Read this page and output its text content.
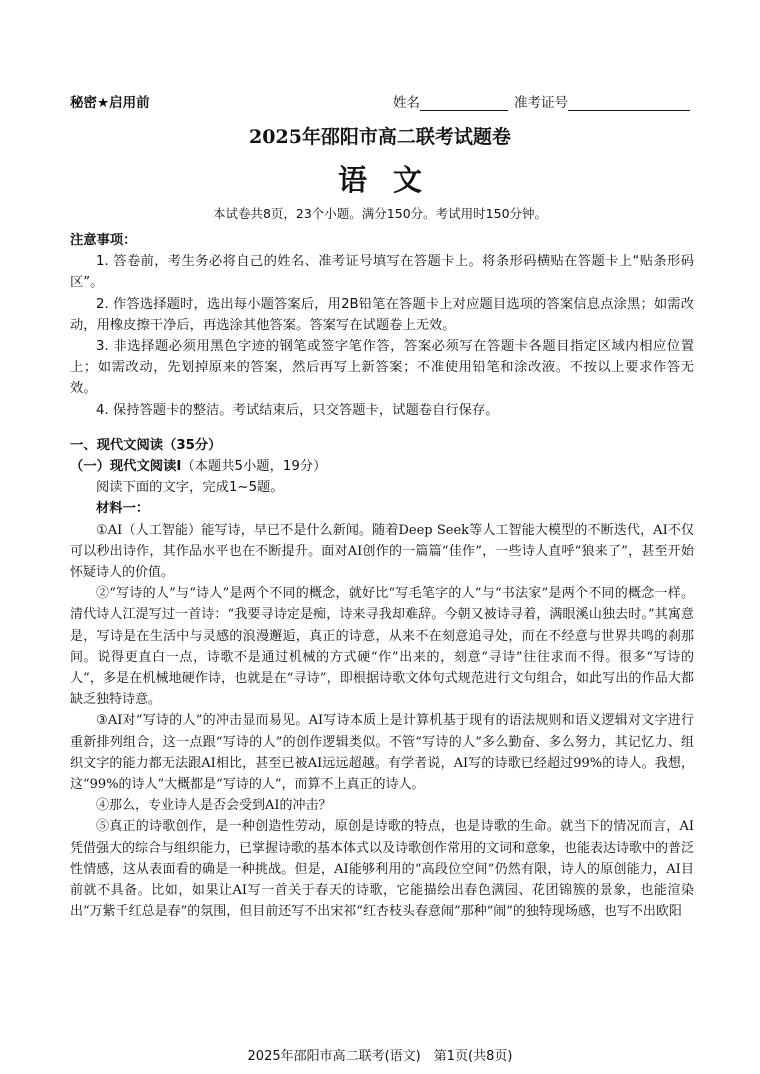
秘密★启用前	姓名	准考证号
2025年邵阳市高二联考试题卷
语文
本试卷共8页，23个小题。满分150分。考试用时150分钟。

注意事项：

1. 答卷前，考生务必将自己的姓名、准考证号填写在答题卡上。将条形码横贴在答题卡上“贴条形码区”。

2. 作答选择题时，选出每小题答案后，用2B铅笔在答题卡上对应题目选项的答案信息点涂黑；如需改动，用橡皮擦干净后，再选涂其他答案。答案写在试题卷上无效。

3. 非选择题必须用黑色字迹的钢笔或签字笔作答，答案必须写在答题卡各题目指定区域内相应位置上；如需改动，先划掉原来的答案，然后再写上新答案；不准使用铅笔和涂改液。不按以上要求作答无效。

4. 保持答题卡的整洁。考试结束后，只交答题卡，试题卷自行保存。

一、现代文阅读（35分）

（一）现代文阅读Ⅰ（本题共5小题，19分）

阅读下面的文字，完成1~5题。

材料一：

①AI（人工智能）能写诗，早已不是什么新闻。随着Deep Seek等人工智能大模型的不断迭代，AI不仅可以秒出诗作，其作品水平也在不断提升。面对AI创作的一篇篇“佳作”，一些诗人直呼“狼来了”，甚至开始怀疑诗人的价值。

②“写诗的人”与“诗人”是两个不同的概念，就好比“写毛笔字的人”与“书法家”是两个不同的概念一样。清代诗人江湜写过一首诗：“我要寻诗定是痴，诗来寻我却难辞。今朝又被诗寻着，满眼溪山独去时。”其寓意是，写诗是在生活中与灵感的浪漫邂逅，真正的诗意，从来不在刻意追寻处，而在不经意与世界共鸣的刹那间。说得更直白一点，诗歌不是通过机械的方式硬“作”出来的，刻意“寻诗”往往求而不得。很多“写诗的人”，多是在机械地硬作诗，也就是在“寻诗”，即根据诗歌文体句式规范进行文句组合，如此写出的作品大都缺乏独特诗意。

③AI对“写诗的人”的冲击显而易见。AI写诗本质上是计算机基于现有的语法规则和语义逻辑对文字进行重新排列组合，这一点跟“写诗的人”的创作逻辑类似。不管“写诗的人”多么勤奋、多么努力，其记忆力、组织文字的能力都无法跟AI相比，甚至已被AI远远超越。有学者说，AI写的诗歌已经超过99%的诗人。我想，这“99%的诗人”大概都是“写诗的人”，而算不上真正的诗人。

④那么，专业诗人是否会受到AI的冲击？

⑤真正的诗歌创作，是一种创造性劳动，原创是诗歌的特点，也是诗歌的生命。就当下的情况而言，AI凭借强大的综合与组织能力，已掌握诗歌的基本体式以及诗歌创作常用的文词和意象，也能表达诗歌中的普泛性情感，这从表面看的确是一种挑战。但是，AI能够利用的“高段位空间”仍然有限，诗人的原创能力，AI目前就不具备。比如，如果让AI写一首关于春天的诗歌，它能描绘出春色满园、花团锦簇的景象，也能渲染出“万紫千红总是春”的氛围，但目前还写不出宋祁“红杏枝头春意闹”那种“闹”的独特现场感，也写不出欧阳

2025年邵阳市高二联考(语文)　第1页(共8页)
